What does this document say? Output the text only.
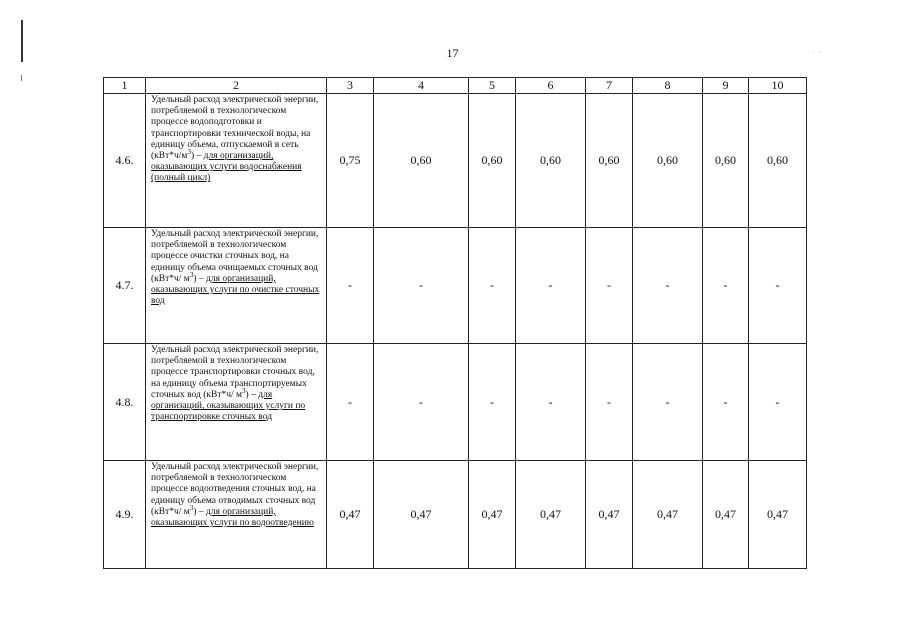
17	·  ·
1	2	3	4	5	6	7	8	9	10
4.6.	Удельный расход электрической энергии, потребляемой в технологическом процессе водоподготовки и транспортировки технической воды, на единицу объема, отпускаемой в сеть $(кВт*ч/м^3)$ – для организаций, оказывающих услуги водоснабжения (полный цикл)	0,75	0,60	0,60	0,60	0,60	0,60	0,60	0,60
4.7.	Удельный расход электрической энергии, потребляемой в технологическом процессе очистки сточных вод, на единицу объема очищаемых сточных вод (кВт*ч/ $м^3$) – для организаций, оказывающих услуги по очистке сточных вод	-	-	-	-	-	-	-	-
4.8.	Удельный расход электрической энергии, потребляемой в технологическом процессе транспортировки сточных вод, на единицу объема транспортируемых сточных вод (кВт*ч/ $м^3$) – для организаций, оказывающих услуги по транспортировке сточных вод	-	-	-	-	-	-	-	-
4.9.	Удельный расход электрической энергии, потребляемой в технологическом процессе водоотведения сточных вод, на единицу объема отводимых сточных вод (кВт*ч/ $м^3$) – для организаций, оказывающих услуги по водоотведению	0,47	0,47	0,47	0,47	0,47	0,47	0,47	0,47
